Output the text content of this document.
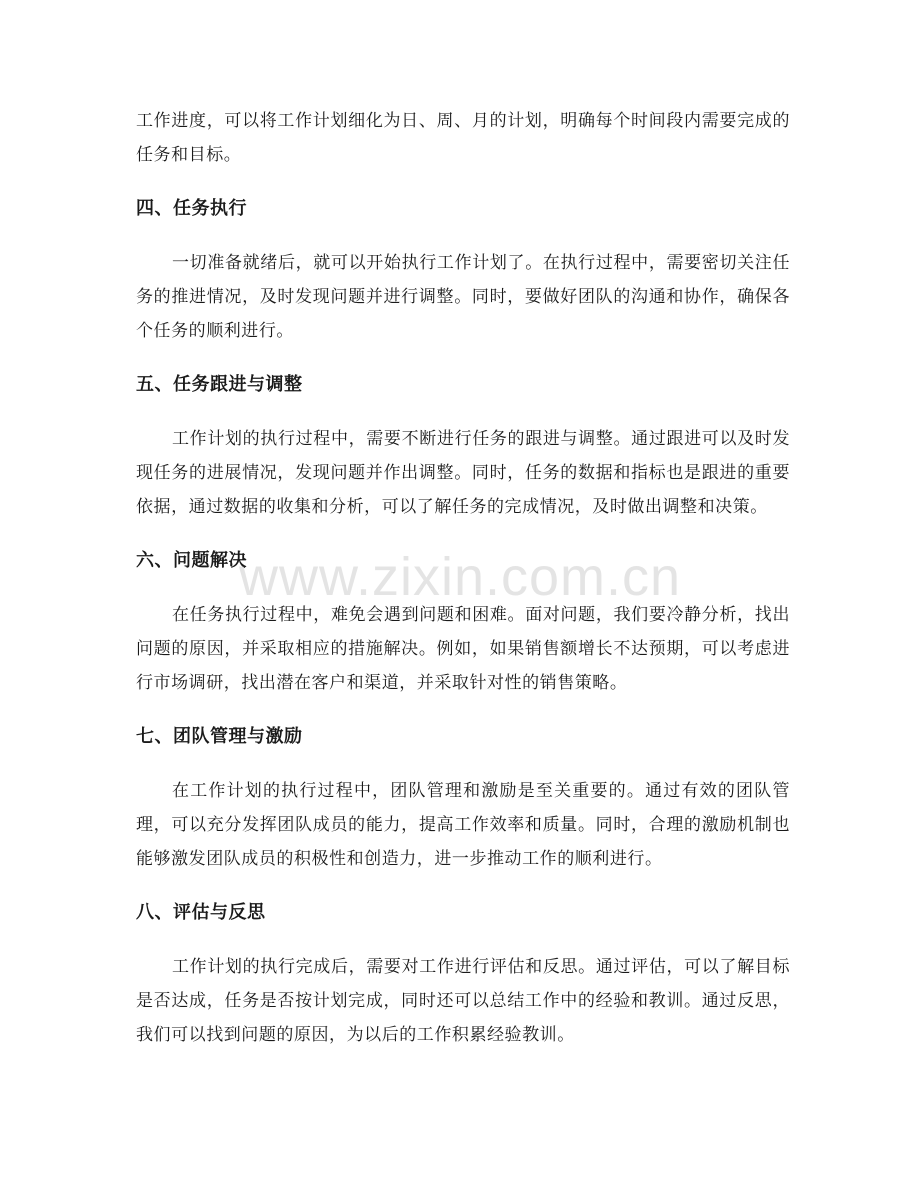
工作进度，可以将工作计划细化为日、周、月的计划，明确每个时间段内需要完成的任务和目标。

四、任务执行

一切准备就绪后，就可以开始执行工作计划了。在执行过程中，需要密切关注任务的推进情况，及时发现问题并进行调整。同时，要做好团队的沟通和协作，确保各个任务的顺利进行。

五、任务跟进与调整

工作计划的执行过程中，需要不断进行任务的跟进与调整。通过跟进可以及时发现任务的进展情况，发现问题并作出调整。同时，任务的数据和指标也是跟进的重要依据，通过数据的收集和分析，可以了解任务的完成情况，及时做出调整和决策。

六、问题解决

在任务执行过程中，难免会遇到问题和困难。面对问题，我们要冷静分析，找出问题的原因，并采取相应的措施解决。例如，如果销售额增长不达预期，可以考虑进行市场调研，找出潜在客户和渠道，并采取针对性的销售策略。

七、团队管理与激励

在工作计划的执行过程中，团队管理和激励是至关重要的。通过有效的团队管理，可以充分发挥团队成员的能力，提高工作效率和质量。同时，合理的激励机制也能够激发团队成员的积极性和创造力，进一步推动工作的顺利进行。

八、评估与反思

工作计划的执行完成后，需要对工作进行评估和反思。通过评估，可以了解目标是否达成，任务是否按计划完成，同时还可以总结工作中的经验和教训。通过反思，我们可以找到问题的原因，为以后的工作积累经验教训。

www.zixin.com.cn
